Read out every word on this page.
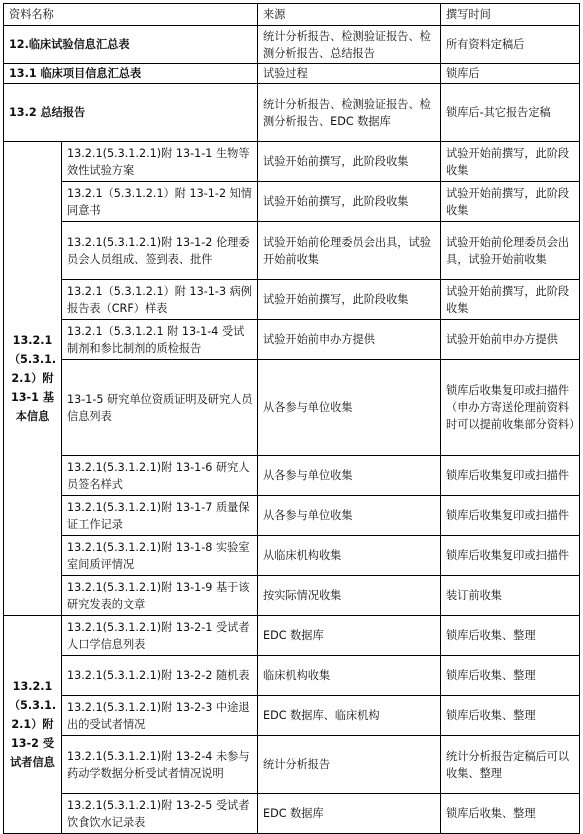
资料名称		来源	撰写时间
12.临床试验信息汇总表		统计分析报告、检测验证报告、检测分析报告、总结报告	所有资料定稿后
13.1 临床项目信息汇总表		试验过程	锁库后
13.2 总结报告		统计分析报告、检测验证报告、检测分析报告、EDC 数据库	锁库后-其它报告定稿
13.2.1（5.3.1.2.1）附 13-1 基本信息	13.2.1(5.3.1.2.1)附 13-1-1 生物等效性试验方案	试验开始前撰写，此阶段收集	试验开始前撰写，此阶段收集
	13.2.1（5.3.1.2.1）附 13-1-2 知情同意书	试验开始前撰写，此阶段收集	试验开始前撰写，此阶段收集
	13.2.1(5.3.1.2.1)附 13-1-2 伦理委员会人员组成、签到表、批件	试验开始前伦理委员会出具，试验开始前收集	试验开始前伦理委员会出具，试验开始前收集
	13.2.1（5.3.1.2.1）附 13-1-3 病例报告表（CRF）样表	试验开始前撰写，此阶段收集	试验开始前撰写，此阶段收集
	13.2.1（5.3.1.2.1 附 13-1-4 受试制剂和参比制剂的质检报告	试验开始前申办方提供	试验开始前申办方提供
	13-1-5 研究单位资质证明及研究人员信息列表	从各参与单位收集	锁库后收集复印或扫描件（申办方寄送伦理前资料时可以提前收集部分资料）
	13.2.1(5.3.1.2.1)附 13-1-6 研究人员签名样式	从各参与单位收集	锁库后收集复印或扫描件
	13.2.1(5.3.1.2.1)附 13-1-7 质量保证工作记录	从各参与单位收集	锁库后收集复印或扫描件
	13.2.1(5.3.1.2.1)附 13-1-8 实验室室间质评情况	从临床机构收集	锁库后收集复印或扫描件
	13.2.1(5.3.1.2.1)附 13-1-9 基于该研究发表的文章	按实际情况收集	装订前收集
13.2.1（5.3.1.2.1）附 13-2 受试者信息	13.2.1(5.3.1.2.1)附 13-2-1 受试者人口学信息列表	EDC 数据库	锁库后收集、整理
	13.2.1(5.3.1.2.1)附 13-2-2 随机表	临床机构收集	锁库后收集、整理
	13.2.1(5.3.1.2.1)附 13-2-3 中途退出的受试者情况	EDC 数据库、临床机构	锁库后收集、整理
	13.2.1(5.3.1.2.1)附 13-2-4 未参与药动学数据分析受试者情况说明	统计分析报告	统计分析报告定稿后可以收集、整理
	13.2.1(5.3.1.2.1)附 13-2-5 受试者饮食饮水记录表	EDC 数据库	锁库后收集、整理
